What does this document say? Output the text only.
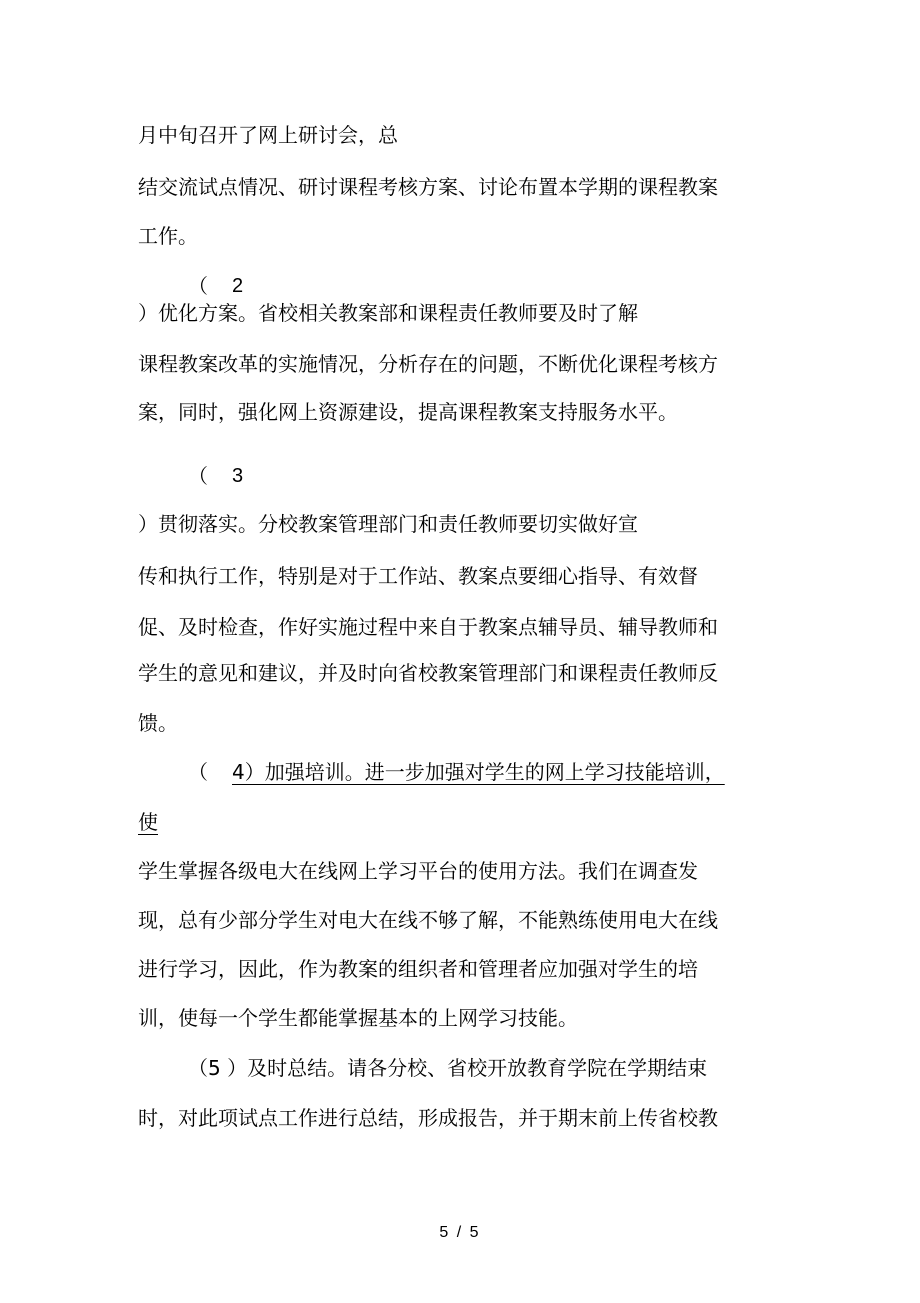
月中旬召开了网上研讨会，总

结交流试点情况、研讨课程考核方案、讨论布置本学期的课程教案

工作。

（ 2

）优化方案。省校相关教案部和课程责任教师要及时了解

课程教案改革的实施情况，分析存在的问题，不断优化课程考核方

案，同时，强化网上资源建设，提高课程教案支持服务水平。

（ 3

）贯彻落实。分校教案管理部门和责任教师要切实做好宣

传和执行工作，特别是对于工作站、教案点要细心指导、有效督

促、及时检查，作好实施过程中来自于教案点辅导员、辅导教师和

学生的意见和建议，并及时向省校教案管理部门和课程责任教师反

馈。

（ 4）加强培训。进一步加强对学生的网上学习技能培训，

使

学生掌握各级电大在线网上学习平台的使用方法。我们在调查发

现，总有少部分学生对电大在线不够了解，不能熟练使用电大在线

进行学习，因此，作为教案的组织者和管理者应加强对学生的培

训，使每一个学生都能掌握基本的上网学习技能。

（5 ）及时总结。请各分校、省校开放教育学院在学期结束

时，对此项试点工作进行总结，形成报告，并于期末前上传省校教

5 / 5
